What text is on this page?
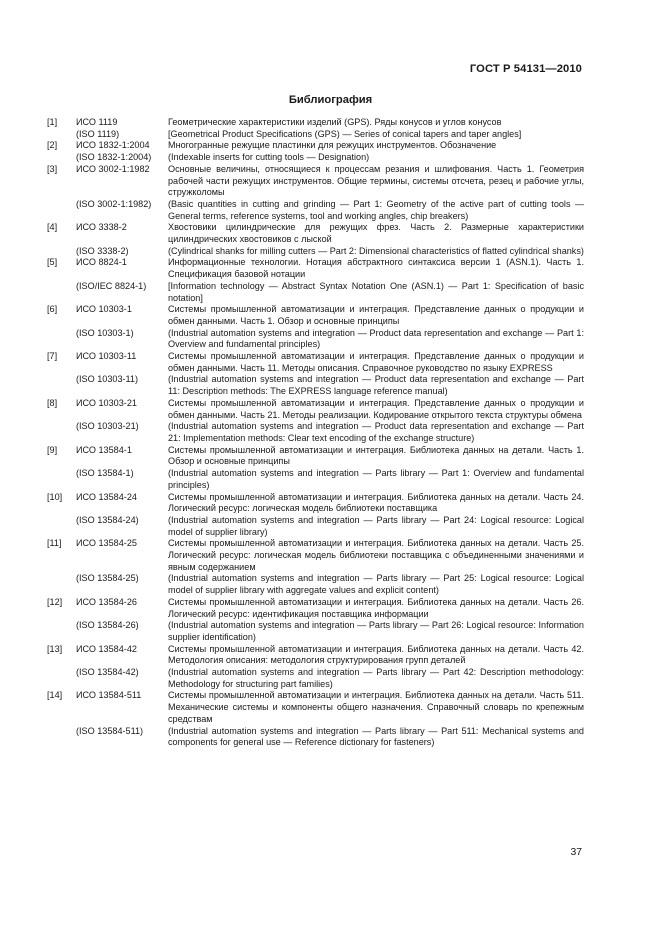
ГОСТ Р 54131—2010
Библиография
[1]	ИСО 1119	Геометрические характеристики изделий (GPS). Ряды конусов и углов конусов
(ISO 1119)	[Geometrical Product Specifications (GPS) — Series of conical tapers and taper angles]
[2]	ИСО 1832-1:2004	Многогранные режущие пластинки для режущих инструментов. Обозначение
(ISO 1832-1:2004)	(Indexable inserts for cutting tools — Designation)
[3]	ИСО 3002-1:1982	Основные величины, относящиеся к процессам резания и шлифования. Часть 1. Геометрия рабочей части режущих инструментов. Общие термины, системы отсчета, резец и рабочие углы, стружколомы
(ISO 3002-1:1982)	(Basic quantities in cutting and grinding — Part 1: Geometry of the active part of cutting tools — General terms, reference systems, tool and working angles, chip breakers)
[4]	ИСО 3338-2	Хвостовики цилиндрические для режущих фрез. Часть 2. Размерные характеристики цилиндрических хвостовиков с лыской
(ISO 3338-2)	(Cylindrical shanks for milling cutters — Part 2: Dimensional characteristics of flatted cylindrical shanks)
[5]	ИСО 8824-1	Информационные технологии. Нотация абстрактного синтаксиса версии 1 (ASN.1). Часть 1. Спецификация базовой нотации
(ISO/IEC 8824-1)	[Information technology — Abstract Syntax Notation One (ASN.1) — Part 1: Specification of basic notation]
[6]	ИСО 10303-1	Системы промышленной автоматизации и интеграция. Представление данных о продукции и обмен данными. Часть 1. Обзор и основные принципы
(ISO 10303-1)	(Industrial automation systems and integration — Product data representation and exchange — Part 1: Overview and fundamental principles)
[7]	ИСО 10303-11	Системы промышленной автоматизации и интеграция. Представление данных о продукции и обмен данными. Часть 11. Методы описания. Справочное руководство по языку EXPRESS
(ISO 10303-11)	(Industrial automation systems and integration — Product data representation and exchange — Part 11: Description methods: The EXPRESS language reference manual)
[8]	ИСО 10303-21	Системы промышленной автоматизации и интеграция. Представление данных о продукции и обмен данными. Часть 21. Методы реализации. Кодирование открытого текста структуры обмена
(ISO 10303-21)	(Industrial automation systems and integration — Product data representation and exchange — Part 21: Implementation methods: Clear text encoding of the exchange structure)
[9]	ИСО 13584-1	Системы промышленной автоматизации и интеграция. Библиотека данных на детали. Часть 1. Обзор и основные принципы
(ISO 13584-1)	(Industrial automation systems and integration — Parts library — Part 1: Overview and fundamental principles)
[10]	ИСО 13584-24	Системы промышленной автоматизации и интеграция. Библиотека данных на детали. Часть 24. Логический ресурс: логическая модель библиотеки поставщика
(ISO 13584-24)	(Industrial automation systems and integration — Parts library — Part 24: Logical resource: Logical model of supplier library)
[11]	ИСО 13584-25	Системы промышленной автоматизации и интеграция. Библиотека данных на детали. Часть 25. Логический ресурс: логическая модель библиотеки поставщика с объединенными значениями и явным содержанием
(ISO 13584-25)	(Industrial automation systems and integration — Parts library — Part 25: Logical resource: Logical model of supplier library with aggregate values and explicit content)
[12]	ИСО 13584-26	Системы промышленной автоматизации и интеграция. Библиотека данных на детали. Часть 26. Логический ресурс: идентификация поставщика информации
(ISO 13584-26)	(Industrial automation systems and integration — Parts library — Part 26: Logical resource: Information supplier identification)
[13]	ИСО 13584-42	Системы промышленной автоматизации и интеграция. Библиотека данных на детали. Часть 42. Методология описания: методология структурирования групп деталей
(ISO 13584-42)	(Industrial automation systems and integration — Parts library — Part 42: Description methodology: Methodology for structuring part families)
[14]	ИСО 13584-511	Системы промышленной автоматизации и интеграция. Библиотека данных на детали. Часть 511. Механические системы и компоненты общего назначения. Справочный словарь по крепежным средствам
(ISO 13584-511)	(Industrial automation systems and integration — Parts library — Part 511: Mechanical systems and components for general use — Reference dictionary for fasteners)
37
